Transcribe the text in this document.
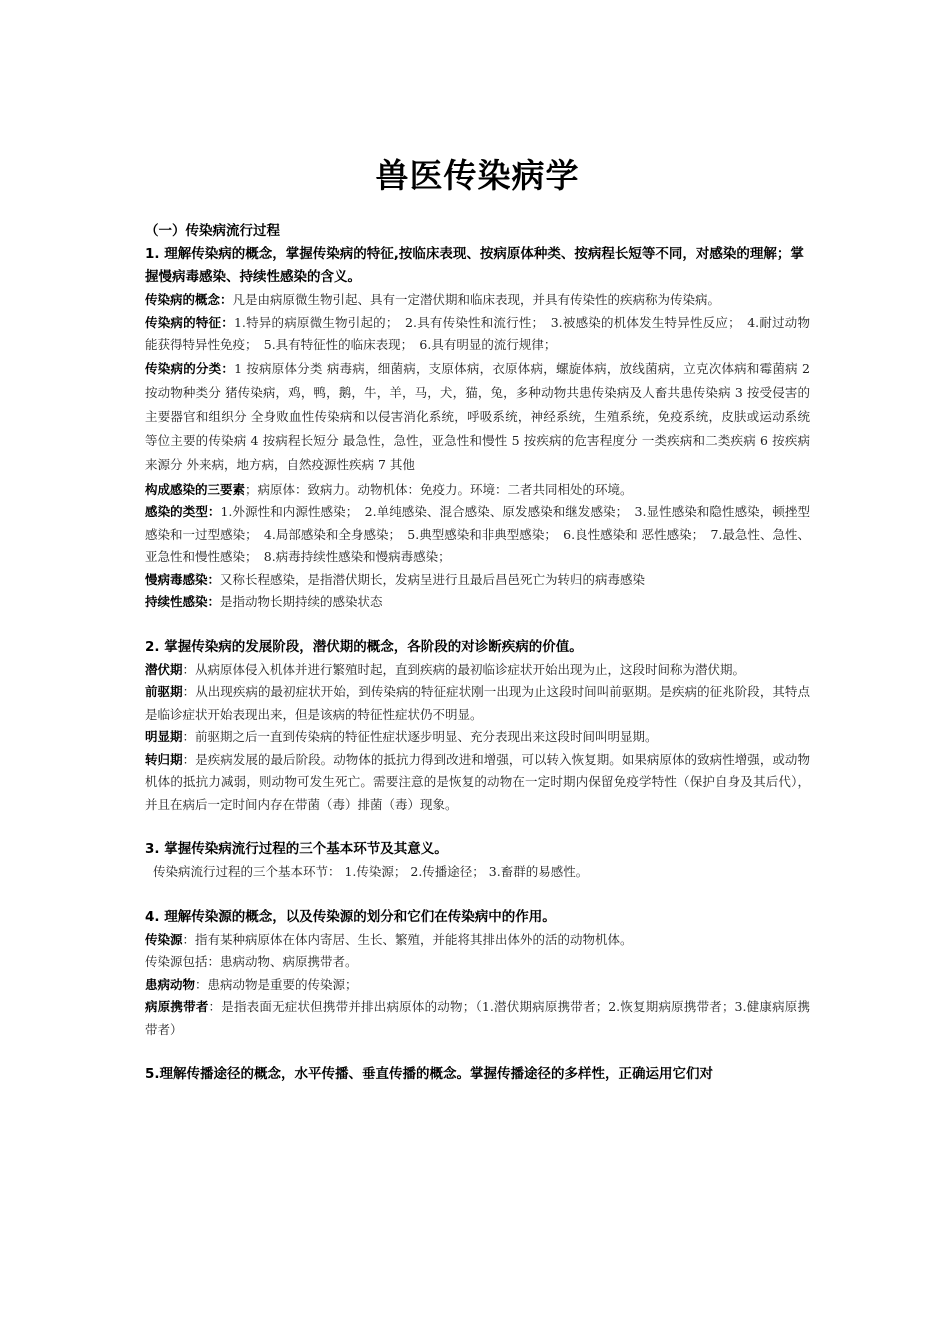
兽医传染病学
（一）传染病流行过程
1. 理解传染病的概念，掌握传染病的特征,按临床表现、按病原体种类、按病程长短等不同，对感染的理解；掌握慢病毒感染、持续性感染的含义。
传染病的概念：凡是由病原微生物引起、具有一定潜伏期和临床表现，并具有传染性的疾病称为传染病。
传染病的特征：1.特异的病原微生物引起的；　2.具有传染性和流行性；　3.被感染的机体发生特异性反应；　4.耐过动物能获得特异性免疫；　5.具有特征性的临床表现；　6.具有明显的流行规律；
传染病的分类：1 按病原体分类 病毒病，细菌病，支原体病，衣原体病，螺旋体病，放线菌病，立克次体病和霉菌病 2 按动物种类分 猪传染病，鸡，鸭，鹅，牛，羊，马，犬，猫，兔，多种动物共患传染病及人畜共患传染病 3 按受侵害的主要器官和组织分 全身败血性传染病和以侵害消化系统，呼吸系统，神经系统，生殖系统，免疫系统，皮肤或运动系统等位主要的传染病 4 按病程长短分 最急性，急性，亚急性和慢性 5 按疾病的危害程度分 一类疾病和二类疾病 6 按疾病来源分 外来病，地方病，自然疫源性疾病 7 其他
构成感染的三要素；病原体：致病力。动物机体：免疫力。环境：二者共同相处的环境。
感染的类型：1.外源性和内源性感染；　2.单纯感染、混合感染、原发感染和继发感染；　3.显性感染和隐性感染，顿挫型感染和一过型感染；　4.局部感染和全身感染；　5.典型感染和非典型感染；　6.良性感染和 恶性感染；　7.最急性、急性、亚急性和慢性感染；　8.病毒持续性感染和慢病毒感染；
慢病毒感染：又称长程感染，是指潜伏期长，发病呈进行且最后昌邑死亡为转归的病毒感染
持续性感染：是指动物长期持续的感染状态
2. 掌握传染病的发展阶段，潜伏期的概念，各阶段的对诊断疾病的价值。
潜伏期：从病原体侵入机体并进行繁殖时起，直到疾病的最初临诊症状开始出现为止，这段时间称为潜伏期。
前驱期：从出现疾病的最初症状开始，到传染病的特征症状刚一出现为止这段时间叫前驱期。是疾病的征兆阶段，其特点是临诊症状开始表现出来，但是该病的特征性症状仍不明显。
明显期：前驱期之后一直到传染病的特征性症状逐步明显、充分表现出来这段时间叫明显期。
转归期：是疾病发展的最后阶段。动物体的抵抗力得到改进和增强，可以转入恢复期。如果病原体的致病性增强，或动物机体的抵抗力减弱，则动物可发生死亡。需要注意的是恢复的动物在一定时期内保留免疫学特性（保护自身及其后代），并且在病后一定时间内存在带菌（毒）排菌（毒）现象。
3. 掌握传染病流行过程的三个基本环节及其意义。
传染病流行过程的三个基本环节： 1.传染源； 2.传播途径； 3.畜群的易感性。
4. 理解传染源的概念，以及传染源的划分和它们在传染病中的作用。
传染源：指有某种病原体在体内寄居、生长、繁殖，并能将其排出体外的活的动物机体。
传染源包括：患病动物、病原携带者。
患病动物：患病动物是重要的传染源；
病原携带者：是指表面无症状但携带并排出病原体的动物；（1.潜伏期病原携带者；2.恢复期病原携带者；3.健康病原携带者）
5.理解传播途径的概念，水平传播、垂直传播的概念。掌握传播途径的多样性，正确运用它们对
